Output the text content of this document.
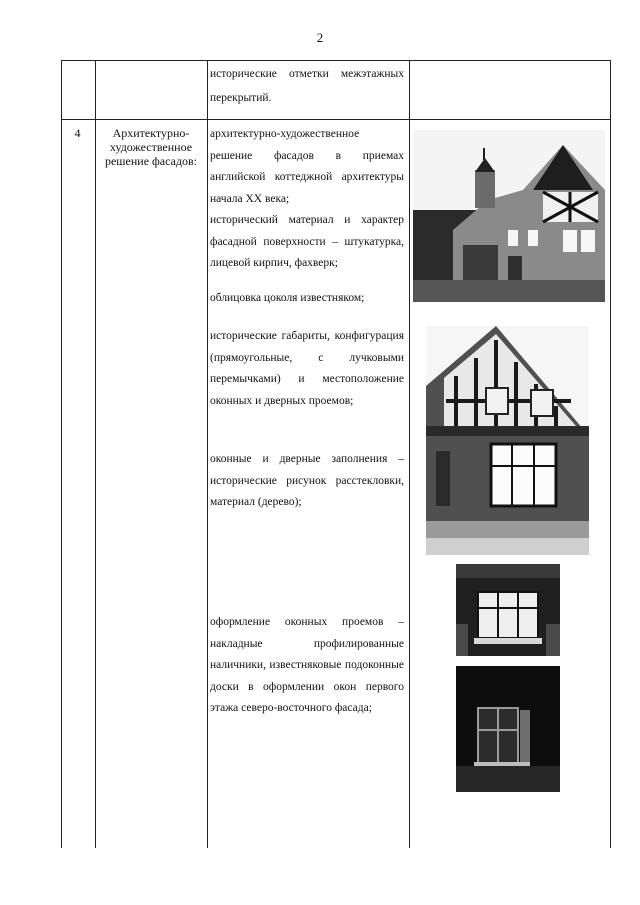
2
исторические отметки межэтажных перекрытий.
4	Архитектурно-художественное решение фасадов:
архитектурно-художественное решение фасадов в приемах английской коттеджной архитектуры начала XX века;
исторический материал и характер фасадной поверхности – штукатурка, лицевой кирпич, фахверк;
облицовка цоколя известняком;
исторические габариты, конфигурация (прямоугольные, с лучковыми перемычками) и местоположение оконных и дверных проемов;
оконные и дверные заполнения – исторические рисунок расстекловки, материал (дерево);
оформление оконных проемов – накладные профилированные наличники, известняковые подоконные доски в оформлении окон первого этажа северо-восточного фасада;
